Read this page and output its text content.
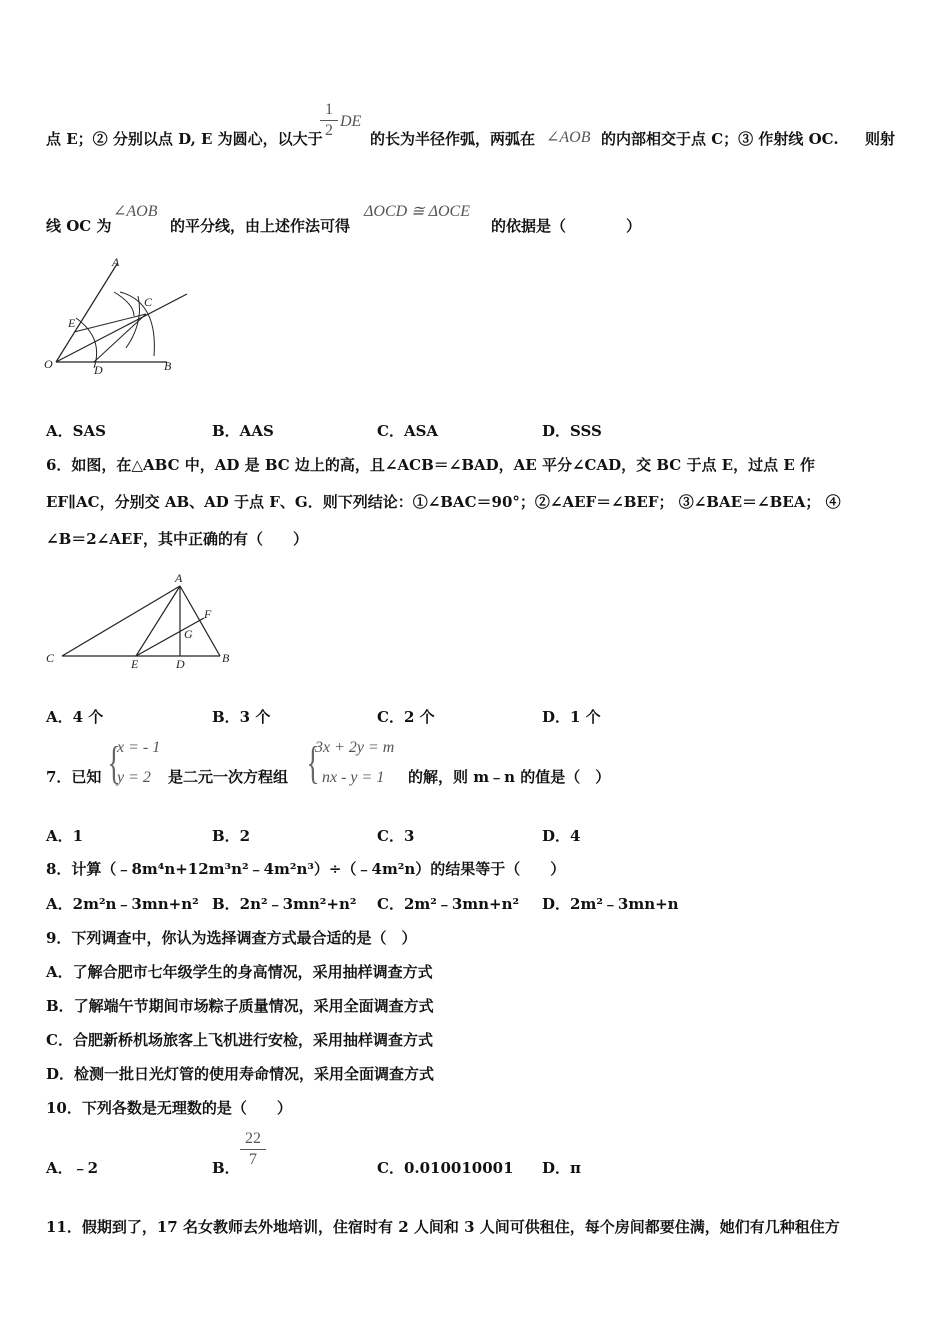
点 E；② 分别以点 D, E 为圆心，以大于
1
2
DE
的长为半径作弧，两弧在 ∠AOB 的内部相交于点 C；③ 作射线 OC. 则射
线 OC 为
∠AOB
的平分线，由上述作法可得
ΔOCD ≅ ΔOCE
的依据是（　　　　）
A
C
E
O	D	B
A．SAS	B．AAS	C．ASA	D．SSS
6．如图，在△ABC 中，AD 是 BC 边上的高，且∠ACB＝∠BAD，AE 平分∠CAD，交 BC 于点 E，过点 E 作
EF∥AC，分别交 AB、AD 于点 F、G．则下列结论：①∠BAC＝90°；②∠AEF＝∠BEF； ③∠BAE＝∠BEA； ④
∠B＝2∠AEF，其中正确的有（　　）
A
F
G
C	E	D	B
A．4 个	B．3 个	C．2 个	D．1 个
7．已知 {
x = - 1
y = 2 是二元一次方程组 {
3x + 2y = m
nx - y = 1 的解，则 m﹣n 的值是（　）
A．1	B．2	C．3	D．4
8．计算（﹣8m⁴n+12m³n²﹣4m²n³）÷（﹣4m²n）的结果等于（　　）
A．2m²n﹣3mn+n² B．2n²﹣3mn²+n² C．2m²﹣3mn+n² D．2m²﹣3mn+n
9．下列调查中，你认为选择调查方式最合适的是（　）
A．了解合肥市七年级学生的身高情况，采用抽样调查方式
B．了解端午节期间市场粽子质量情况，采用全面调查方式
C．合肥新桥机场旅客上飞机进行安检，采用抽样调查方式
D．检测一批日光灯管的使用寿命情况，采用全面调查方式
10．下列各数是无理数的是（　　）
A．﹣2	B．
22
7	C．0.010010001 D．π
11．假期到了，17 名女教师去外地培训，住宿时有 2 人间和 3 人间可供租住，每个房间都要住满，她们有几种租住方
